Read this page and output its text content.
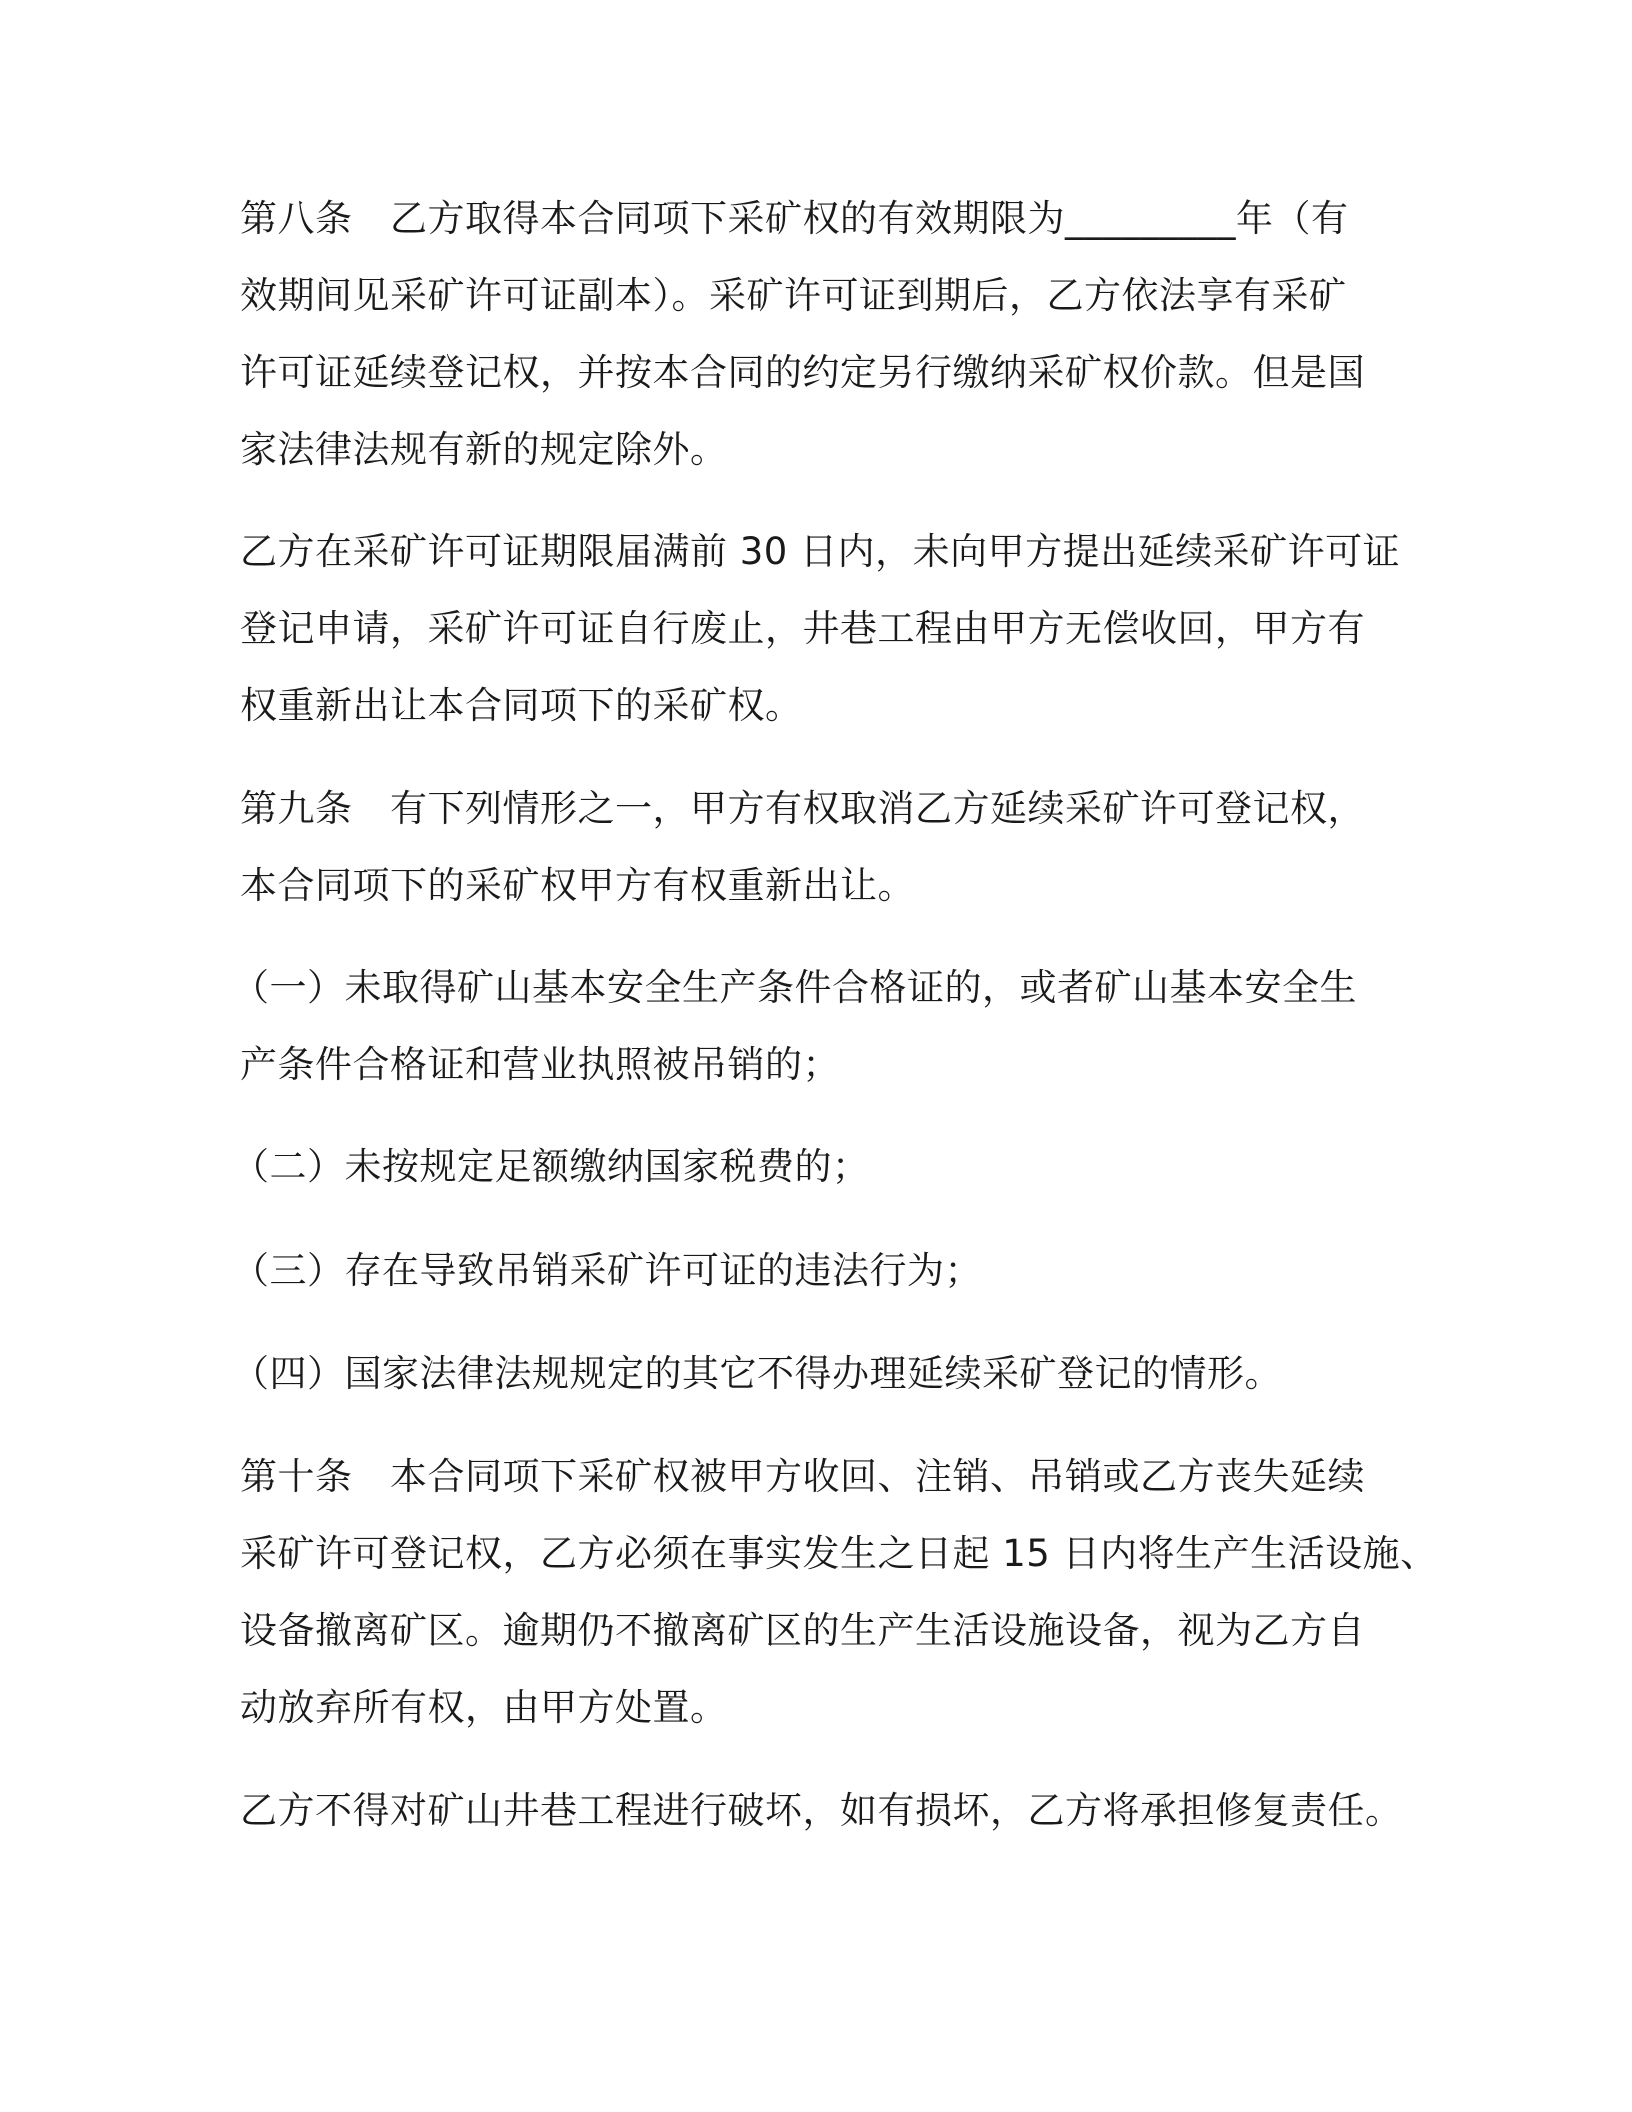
第八条　乙方取得本合同项下采矿权的有效期限为_________年（有
效期间见采矿许可证副本）。采矿许可证到期后，乙方依法享有采矿
许可证延续登记权，并按本合同的约定另行缴纳采矿权价款。但是国
家法律法规有新的规定除外。
乙方在采矿许可证期限届满前 30 日内，未向甲方提出延续采矿许可证
登记申请，采矿许可证自行废止，井巷工程由甲方无偿收回，甲方有
权重新出让本合同项下的采矿权。
第九条　有下列情形之一，甲方有权取消乙方延续采矿许可登记权，
本合同项下的采矿权甲方有权重新出让。
（一）未取得矿山基本安全生产条件合格证的，或者矿山基本安全生
产条件合格证和营业执照被吊销的；
（二）未按规定足额缴纳国家税费的；
（三）存在导致吊销采矿许可证的违法行为；
（四）国家法律法规规定的其它不得办理延续采矿登记的情形。
第十条　本合同项下采矿权被甲方收回、注销、吊销或乙方丧失延续
采矿许可登记权，乙方必须在事实发生之日起 15 日内将生产生活设施、
设备撤离矿区。逾期仍不撤离矿区的生产生活设施设备，视为乙方自
动放弃所有权，由甲方处置。
乙方不得对矿山井巷工程进行破坏，如有损坏，乙方将承担修复责任。
